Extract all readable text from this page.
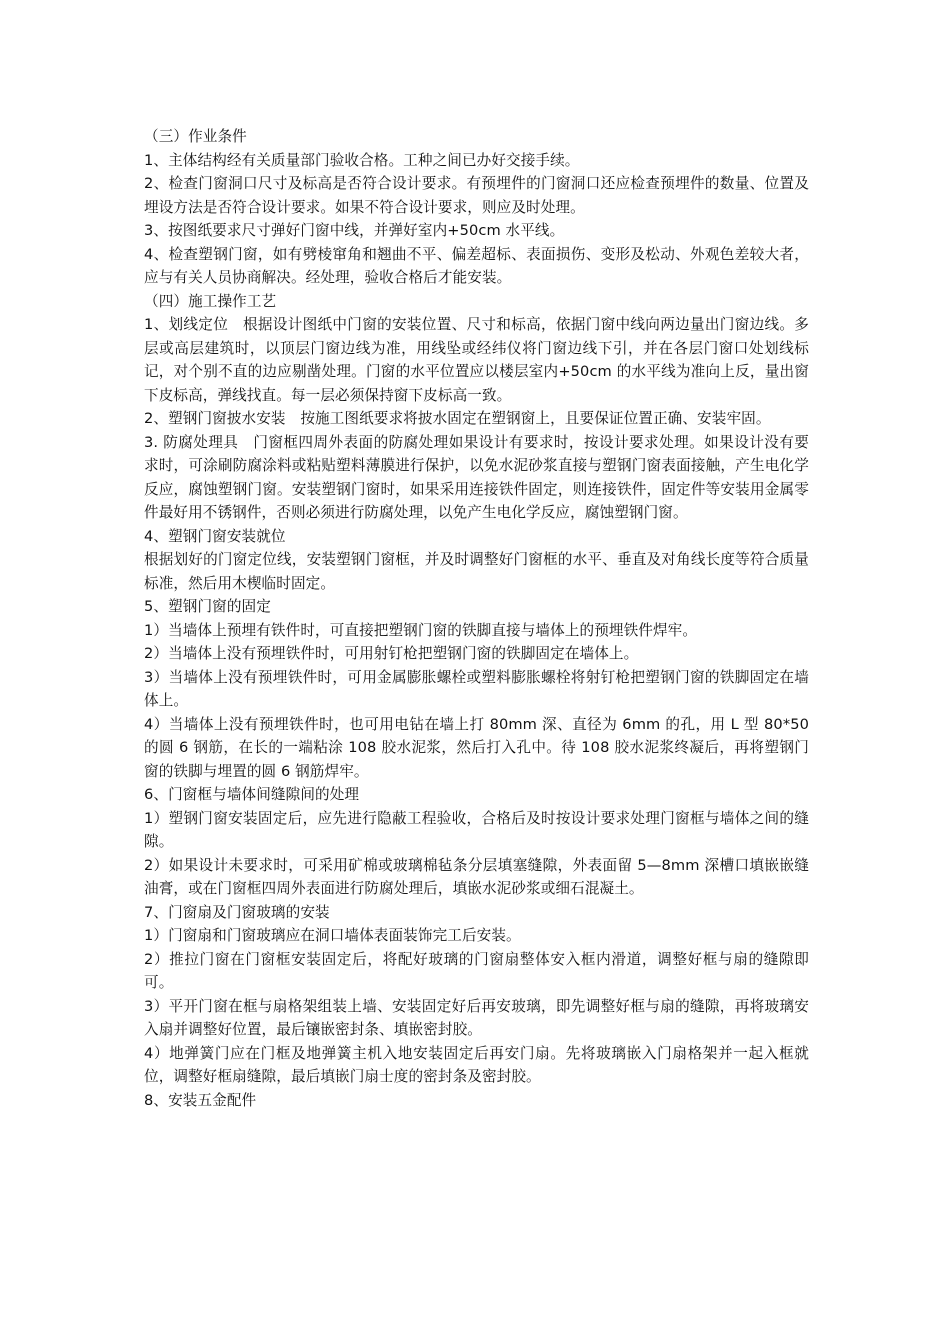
（三）作业条件

1、主体结构经有关质量部门验收合格。工种之间已办好交接手续。

2、检查门窗洞口尺寸及标高是否符合设计要求。有预埋件的门窗洞口还应检查预埋件的数量、位置及埋设方法是否符合设计要求。如果不符合设计要求，则应及时处理。

3、按图纸要求尺寸弹好门窗中线，并弹好室内+50cm 水平线。

4、检查塑钢门窗，如有劈棱窜角和翘曲不平、偏差超标、表面损伤、变形及松动、外观色差较大者，应与有关人员协商解决。经处理，验收合格后才能安装。

（四）施工操作工艺

1、划线定位　根据设计图纸中门窗的安装位置、尺寸和标高，依据门窗中线向两边量出门窗边线。多层或高层建筑时，以顶层门窗边线为准，用线坠或经纬仪将门窗边线下引，并在各层门窗口处划线标记，对个别不直的边应剔凿处理。门窗的水平位置应以楼层室内+50cm 的水平线为准向上反，量出窗下皮标高，弹线找直。每一层必须保持窗下皮标高一致。

2、塑钢门窗披水安装　按施工图纸要求将披水固定在塑钢窗上，且要保证位置正确、安装牢固。

3. 防腐处理具　门窗框四周外表面的防腐处理如果设计有要求时，按设计要求处理。如果设计没有要求时，可涂刷防腐涂料或粘贴塑料薄膜进行保护，以免水泥砂浆直接与塑钢门窗表面接触，产生电化学反应，腐蚀塑钢门窗。安装塑钢门窗时，如果采用连接铁件固定，则连接铁件，固定件等安装用金属零件最好用不锈钢件，否则必须进行防腐处理，以免产生电化学反应，腐蚀塑钢门窗。

4、塑钢门窗安装就位

根据划好的门窗定位线，安装塑钢门窗框，并及时调整好门窗框的水平、垂直及对角线长度等符合质量标准，然后用木楔临时固定。

5、塑钢门窗的固定

1）当墙体上预埋有铁件时，可直接把塑钢门窗的铁脚直接与墙体上的预埋铁件焊牢。

2）当墙体上没有预埋铁件时，可用射钉枪把塑钢门窗的铁脚固定在墙体上。

3）当墙体上没有预埋铁件时，可用金属膨胀螺栓或塑料膨胀螺栓将射钉枪把塑钢门窗的铁脚固定在墙体上。

4）当墙体上没有预埋铁件时，也可用电钻在墙上打 80mm 深、直径为 6mm 的孔，用 L 型 80*50 的圆 6 钢筋，在长的一端粘涂 108 胶水泥浆，然后打入孔中。待 108 胶水泥浆终凝后，再将塑钢门窗的铁脚与埋置的圆 6 钢筋焊牢。

6、门窗框与墙体间缝隙间的处理

1）塑钢门窗安装固定后，应先进行隐蔽工程验收，合格后及时按设计要求处理门窗框与墙体之间的缝隙。

2）如果设计未要求时，可采用矿棉或玻璃棉毡条分层填塞缝隙，外表面留 5—8mm 深槽口填嵌嵌缝油膏，或在门窗框四周外表面进行防腐处理后，填嵌水泥砂浆或细石混凝土。

7、门窗扇及门窗玻璃的安装

1）门窗扇和门窗玻璃应在洞口墙体表面装饰完工后安装。

2）推拉门窗在门窗框安装固定后，将配好玻璃的门窗扇整体安入框内滑道，调整好框与扇的缝隙即可。

3）平开门窗在框与扇格架组装上墙、安装固定好后再安玻璃，即先调整好框与扇的缝隙，再将玻璃安入扇并调整好位置，最后镶嵌密封条、填嵌密封胶。

4）地弹簧门应在门框及地弹簧主机入地安装固定后再安门扇。先将玻璃嵌入门扇格架并一起入框就位，调整好框扇缝隙，最后填嵌门扇士度的密封条及密封胶。

8、安装五金配件
